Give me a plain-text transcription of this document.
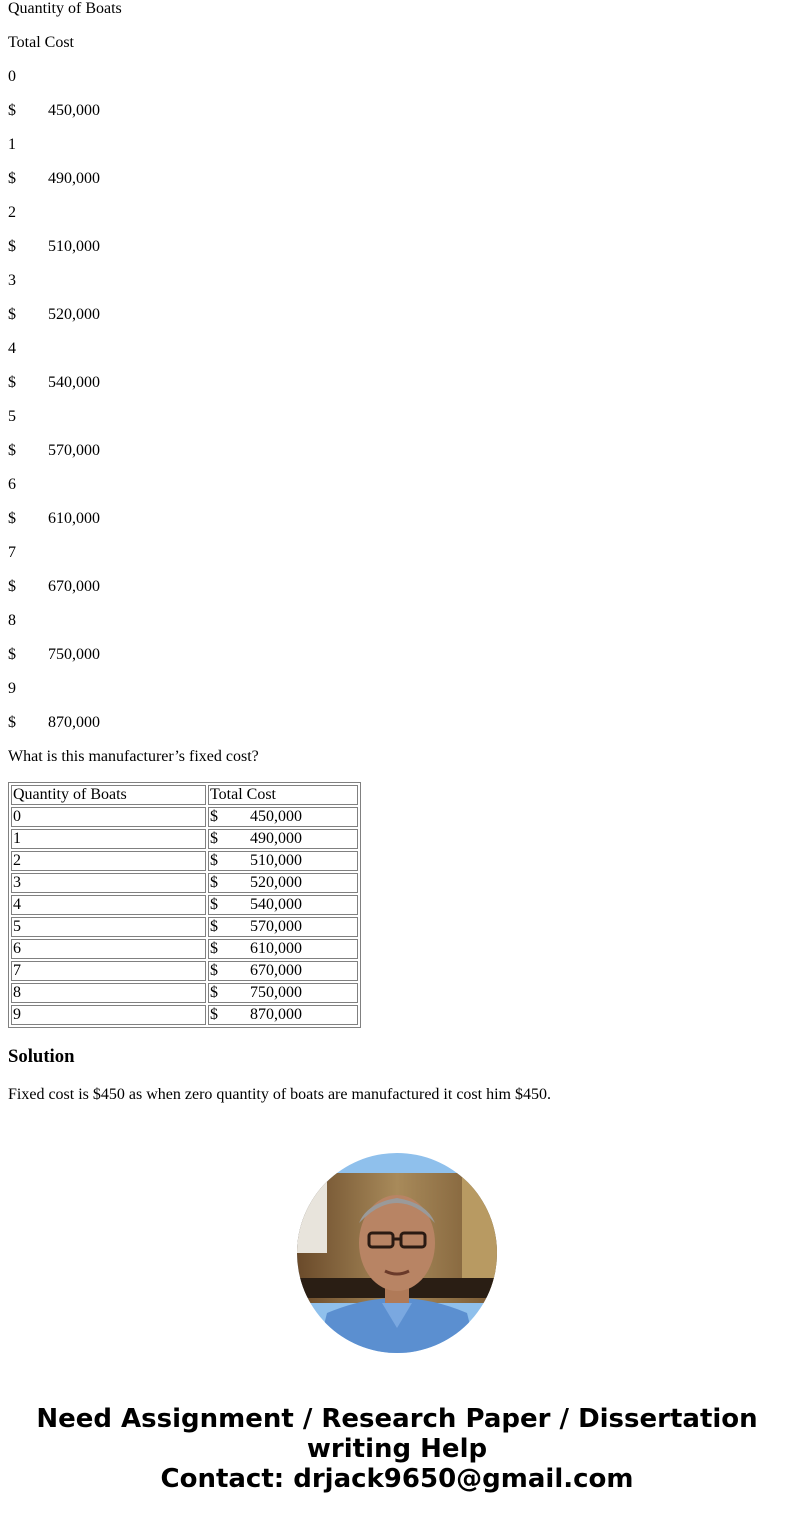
Quantity of Boats

Total Cost

0

$ 450,000

1

$ 490,000

2

$ 510,000

3

$ 520,000

4

$ 540,000

5

$ 570,000

6

$ 610,000

7

$ 670,000

8

$ 750,000

9

$ 870,000

What is this manufacturer’s fixed cost?

Quantity of Boats	Total Cost
0	$ 450,000
1	$ 490,000
2	$ 510,000
3	$ 520,000
4	$ 540,000
5	$ 570,000
6	$ 610,000
7	$ 670,000
8	$ 750,000
9	$ 870,000
Solution

Fixed cost is $450 as when zero quantity of boats are manufactured it cost him $450.

Need Assignment / Research Paper / Dissertation
writing Help
Contact: drjack9650@gmail.com
